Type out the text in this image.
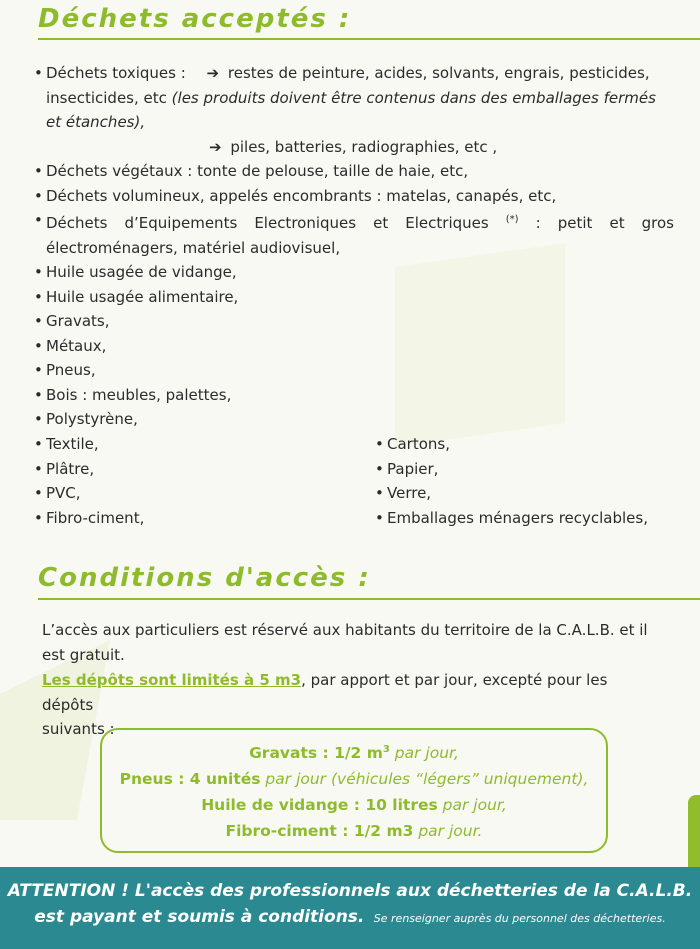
Déchets acceptés :

• Déchets toxiques : ➔ restes de peinture, acides, solvants, engrais, pesticides,

insecticides, etc (les produits doivent être contenus dans des emballages fermés

et étanches),

➔ piles, batteries, radiographies, etc ,

• Déchets végétaux : tonte de pelouse, taille de haie, etc,

• Déchets volumineux, appelés encombrants : matelas, canapés, etc,

• Déchets d’Equipements Electroniques et Electriques (*) : petit et gros

électroménagers, matériel audiovisuel,

• Huile usagée de vidange,

• Huile usagée alimentaire,

• Gravats,

• Métaux,

• Pneus,

• Bois : meubles, palettes,

• Polystyrène,

• Textile,

• Plâtre,

• PVC,

• Fibro-ciment,

• Cartons,

• Papier,

• Verre,

• Emballages ménagers recyclables,

Conditions d'accès :

L’accès aux particuliers est réservé aux habitants du territoire de la C.A.L.B. et il
est gratuit.

Les dépôts sont limités à 5 m3, par apport et par jour, excepté pour les dépôts
suivants :

Gravats : 1/2 $m^3$ par jour,
Pneus : 4 unités par jour (véhicules “légers” uniquement),
Huile de vidange : 10 litres par jour,
Fibro-ciment : 1/2 m3 par jour.
ATTENTION ! L'accès des professionnels aux déchetteries de la C.A.L.B.
est payant et soumis à conditions. Se renseigner auprès du personnel des déchetteries.
